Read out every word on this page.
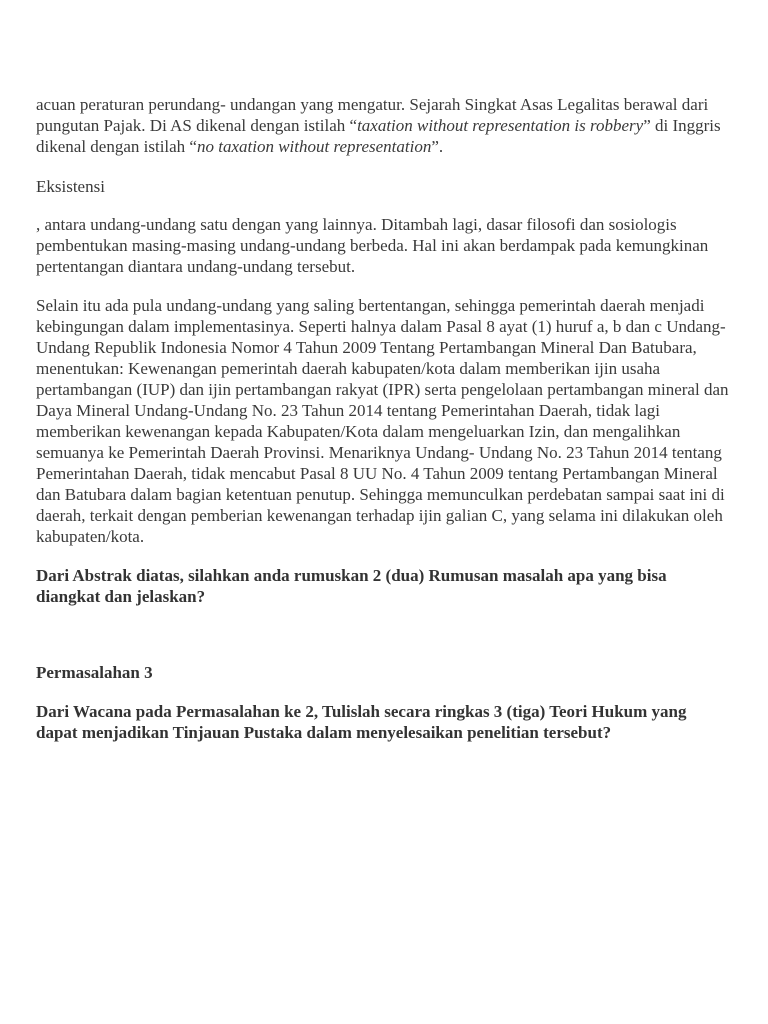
acuan peraturan perundang- undangan yang mengatur. Sejarah Singkat Asas Legalitas berawal dari pungutan Pajak. Di AS dikenal dengan istilah “taxation without representation is robbery” di Inggris dikenal dengan istilah “no taxation without representation”.

Eksistensi

, antara undang-undang satu dengan yang lainnya. Ditambah lagi, dasar filosofi dan sosiologis pembentukan masing-masing undang-undang berbeda. Hal ini akan berdampak pada kemungkinan pertentangan diantara undang-undang tersebut.

Selain itu ada pula undang-undang yang saling bertentangan, sehingga pemerintah daerah menjadi kebingungan dalam implementasinya. Seperti halnya dalam Pasal 8 ayat (1) huruf a, b dan c Undang-Undang Republik Indonesia Nomor 4 Tahun 2009 Tentang Pertambangan Mineral Dan Batubara, menentukan: Kewenangan pemerintah daerah kabupaten/kota dalam memberikan ijin usaha pertambangan (IUP) dan ijin pertambangan rakyat (IPR) serta pengelolaan pertambangan mineral dan Daya Mineral Undang-Undang No. 23 Tahun 2014 tentang Pemerintahan Daerah, tidak lagi memberikan kewenangan kepada Kabupaten/Kota dalam mengeluarkan Izin, dan mengalihkan semuanya ke Pemerintah Daerah Provinsi. Menariknya Undang- Undang No. 23 Tahun 2014 tentang Pemerintahan Daerah, tidak mencabut Pasal 8 UU No. 4 Tahun 2009 tentang Pertambangan Mineral dan Batubara dalam bagian ketentuan penutup. Sehingga memunculkan perdebatan sampai saat ini di daerah, terkait dengan pemberian kewenangan terhadap ijin galian C, yang selama ini dilakukan oleh kabupaten/kota.

Dari Abstrak diatas, silahkan anda rumuskan 2 (dua) Rumusan masalah apa yang bisa diangkat dan jelaskan?

Permasalahan 3

Dari Wacana pada Permasalahan ke 2, Tulislah secara ringkas 3 (tiga) Teori Hukum yang dapat menjadikan Tinjauan Pustaka dalam menyelesaikan penelitian tersebut?
